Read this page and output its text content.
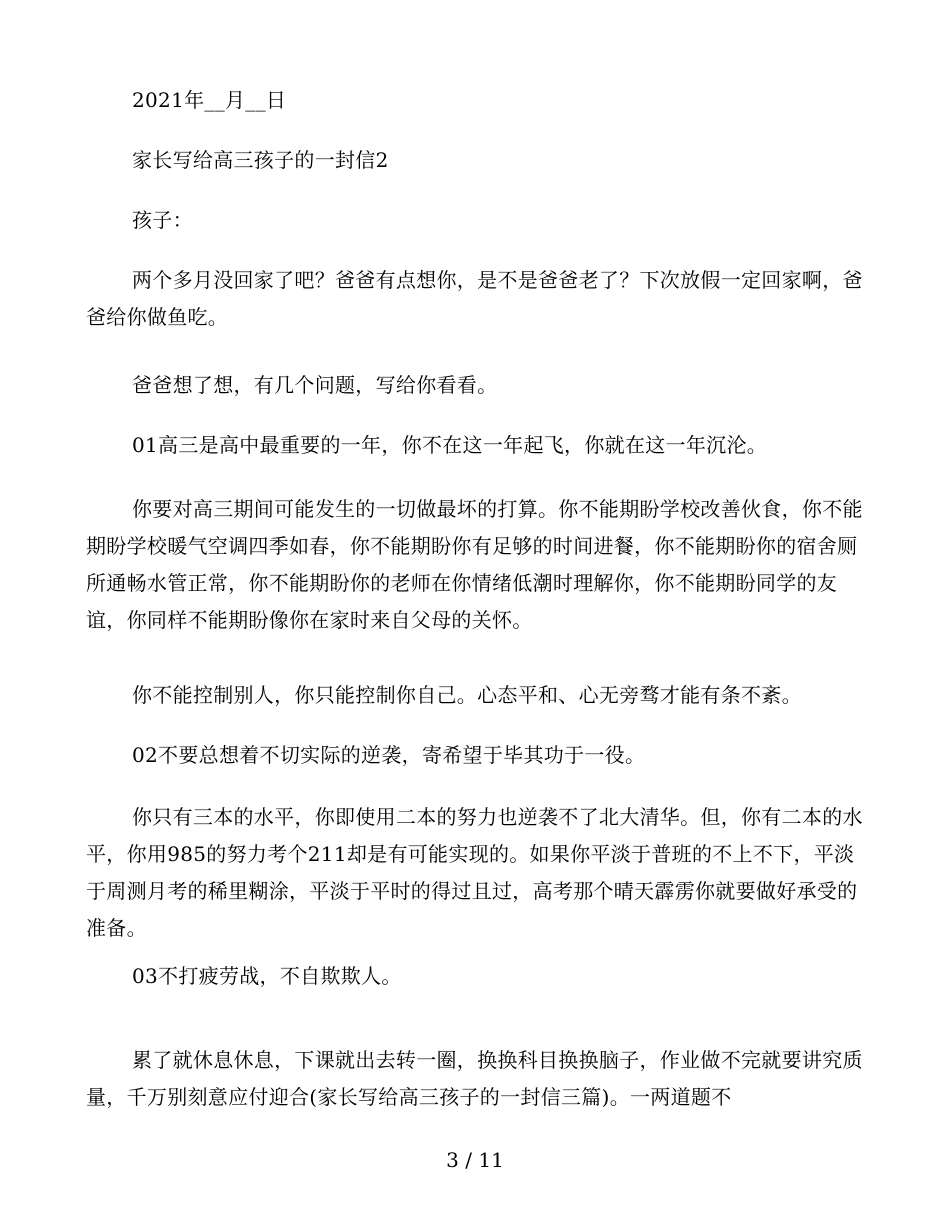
2021年__月__日

家长写给高三孩子的一封信2

孩子：

两个多月没回家了吧？爸爸有点想你，是不是爸爸老了？下次放假一定回家啊，爸爸给你做鱼吃。

爸爸想了想，有几个问题，写给你看看。

01高三是高中最重要的一年，你不在这一年起飞，你就在这一年沉沦。

你要对高三期间可能发生的一切做最坏的打算。你不能期盼学校改善伙食，你不能期盼学校暖气空调四季如春，你不能期盼你有足够的时间进餐，你不能期盼你的宿舍厕所通畅水管正常，你不能期盼你的老师在你情绪低潮时理解你，你不能期盼同学的友谊，你同样不能期盼像你在家时来自父母的关怀。

你不能控制别人，你只能控制你自己。心态平和、心无旁骛才能有条不紊。

02不要总想着不切实际的逆袭，寄希望于毕其功于一役。

你只有三本的水平，你即使用二本的努力也逆袭不了北大清华。但，你有二本的水平，你用985的努力考个211却是有可能实现的。如果你平淡于普班的不上不下，平淡于周测月考的稀里糊涂，平淡于平时的得过且过，高考那个晴天霹雳你就要做好承受的准备。

03不打疲劳战，不自欺欺人。

累了就休息休息，下课就出去转一圈，换换科目换换脑子，作业做不完就要讲究质量，千万别刻意应付迎合(家长写给高三孩子的一封信三篇)。一两道题不

3 / 11
